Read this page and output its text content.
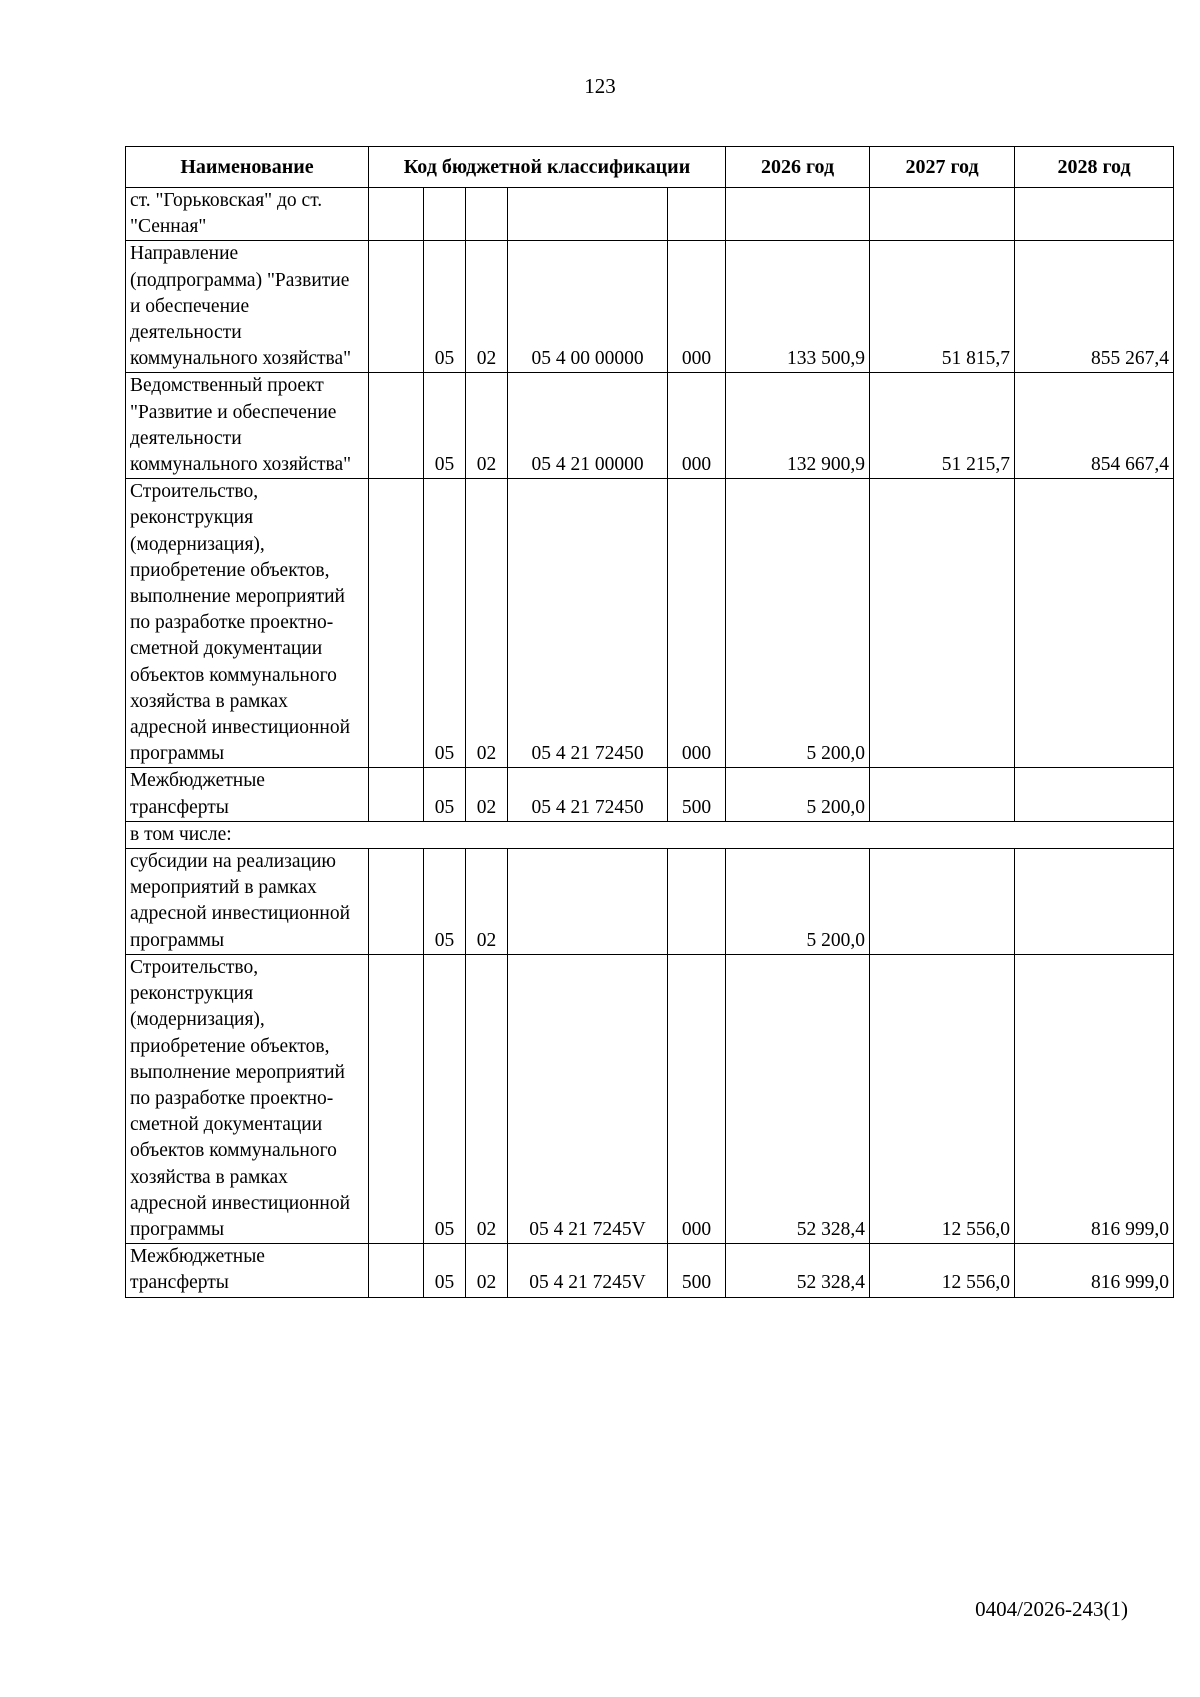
123
Наименование	Код бюджетной классификации					2026 год	2027 год	2028 год
ст. "Горьковская" до ст. "Сенная"								
Направление (подпрограмма) "Развитие и обеспечение деятельности коммунального хозяйства"		05	02	05 4 00 00000	000	133 500,9	51 815,7	855 267,4
Ведомственный проект "Развитие и обеспечение деятельности коммунального хозяйства"		05	02	05 4 21 00000	000	132 900,9	51 215,7	854 667,4
Строительство, реконструкция (модернизация), приобретение объектов, выполнение мероприятий по разработке проектно-сметной документации объектов коммунального хозяйства в рамках адресной инвестиционной программы		05	02	05 4 21 72450	000	5 200,0		
Межбюджетные трансферты		05	02	05 4 21 72450	500	5 200,0		
в том числе:								
субсидии на реализацию мероприятий в рамках адресной инвестиционной программы		05	02			5 200,0		
Строительство, реконструкция (модернизация), приобретение объектов, выполнение мероприятий по разработке проектно-сметной документации объектов коммунального хозяйства в рамках адресной инвестиционной программы		05	02	05 4 21 7245V	000	52 328,4	12 556,0	816 999,0
Межбюджетные трансферты		05	02	05 4 21 7245V	500	52 328,4	12 556,0	816 999,0
0404/2026-243(1)
